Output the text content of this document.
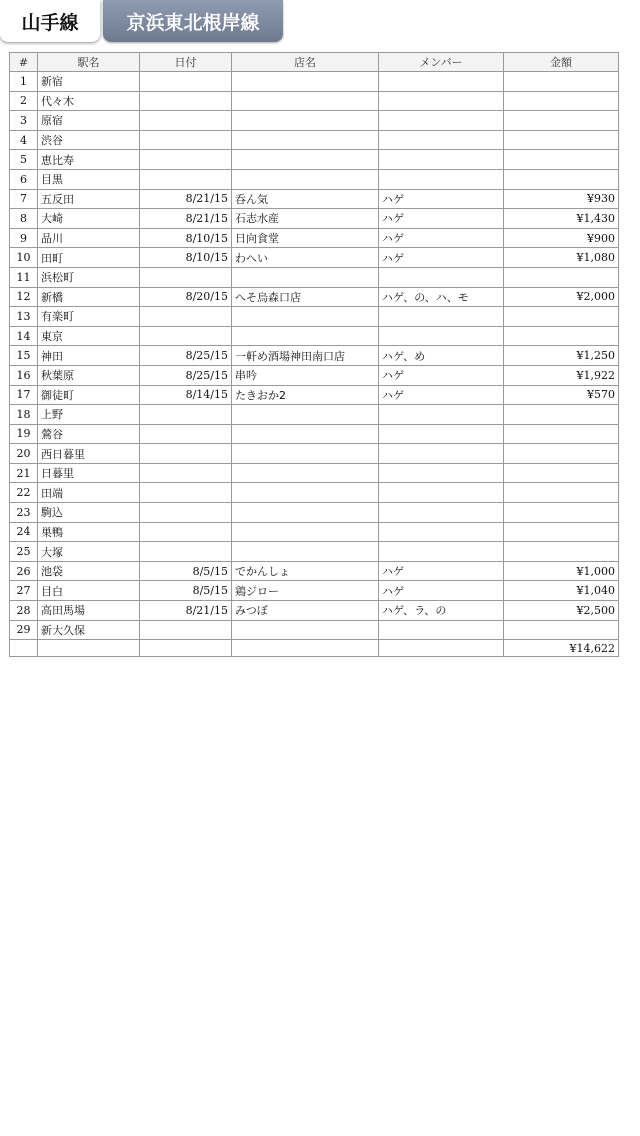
山手線	京浜東北根岸線
#	駅名	日付	店名	メンバー	金額
1	新宿				
2	代々木				
3	原宿				
4	渋谷				
5	恵比寿				
6	目黒				
7	五反田	8/21/15	呑ん気	ハゲ	¥930
8	大崎	8/21/15	石志水産	ハゲ	¥1,430
9	品川	8/10/15	日向食堂	ハゲ	¥900
10	田町	8/10/15	わへい	ハゲ	¥1,080
11	浜松町				
12	新橋	8/20/15	へそ烏森口店	ハゲ、の、ハ、モ	¥2,000
13	有楽町				
14	東京				
15	神田	8/25/15	一軒め酒場神田南口店	ハゲ、め	¥1,250
16	秋葉原	8/25/15	串吟	ハゲ	¥1,922
17	御徒町	8/14/15	たきおか2	ハゲ	¥570
18	上野				
19	鶯谷				
20	西日暮里				
21	日暮里				
22	田端				
23	駒込				
24	巣鴨				
25	大塚				
26	池袋	8/5/15	でかんしょ	ハゲ	¥1,000
27	目白	8/5/15	鶏ジロー	ハゲ	¥1,040
28	高田馬場	8/21/15	みつぼ	ハゲ、ラ、の	¥2,500
29	新大久保				
					¥14,622
